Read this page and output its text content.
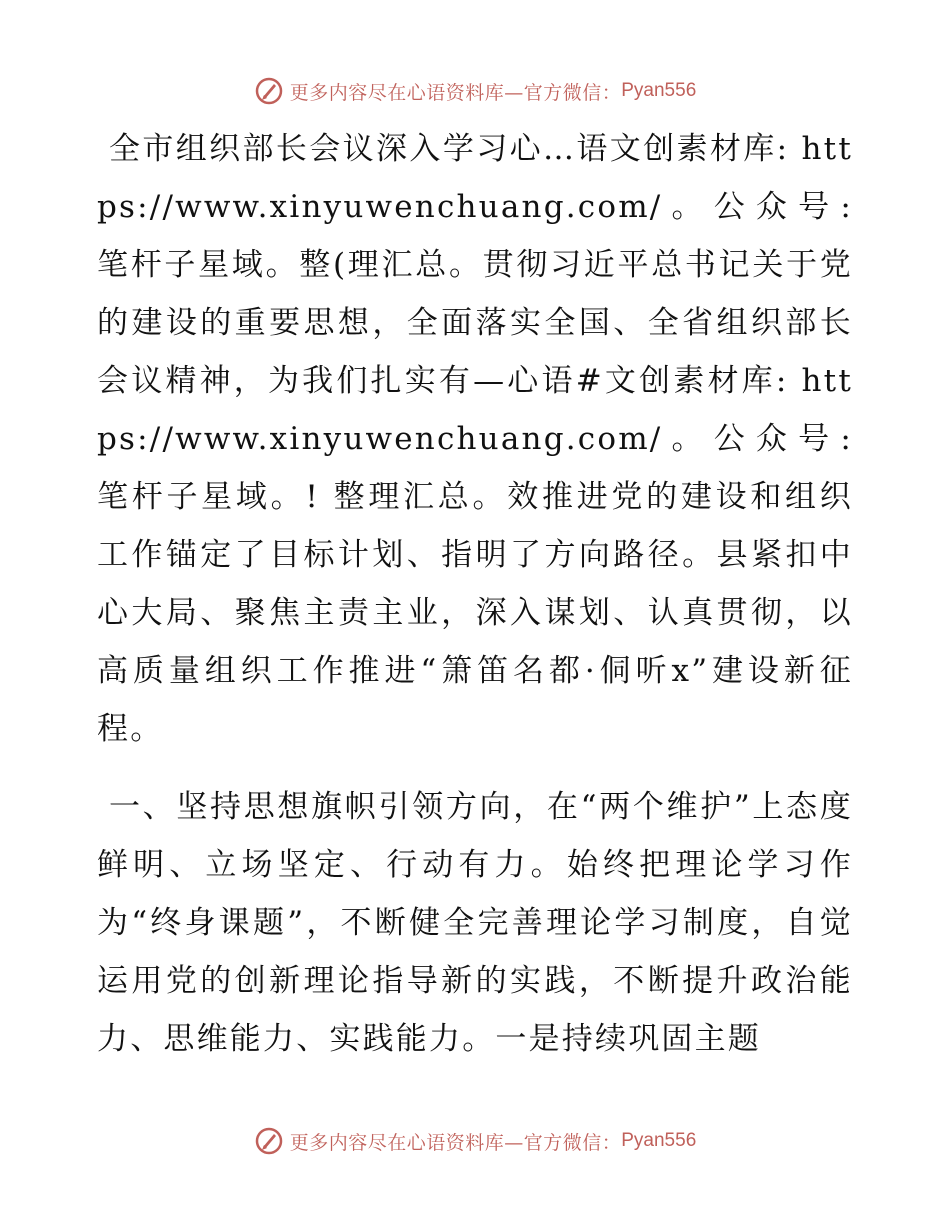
更多内容尽在心语资料库—官方微信： Pyan556

全市组织部长会议深入学习心…语文创素材库: https://www.xinyuwenchuang.com/。公众号: 笔杆子星域。整(理汇总。贯彻习近平总书记关于党的建设的重要思想，全面落实全国、全省组织部长会议精神，为我们扎实有—心语#文创素材库: https://www.xinyuwenchuang.com/。公众号: 笔杆子星域。! 整理汇总。效推进党的建设和组织工作锚定了目标计划、指明了方向路径。县紧扣中心大局、聚焦主责主业，深入谋划、认真贯彻，以高质量组织工作推进“箫笛名都·侗听x”建设新征程。

一、坚持思想旗帜引领方向，在“两个维护”上态度鲜明、立场坚定、行动有力。始终把理论学习作为“终身课题”，不断健全完善理论学习制度，自觉运用党的创新理论指导新的实践，不断提升政治能力、思维能力、实践能力。一是持续巩固主题

更多内容尽在心语资料库—官方微信： Pyan556
